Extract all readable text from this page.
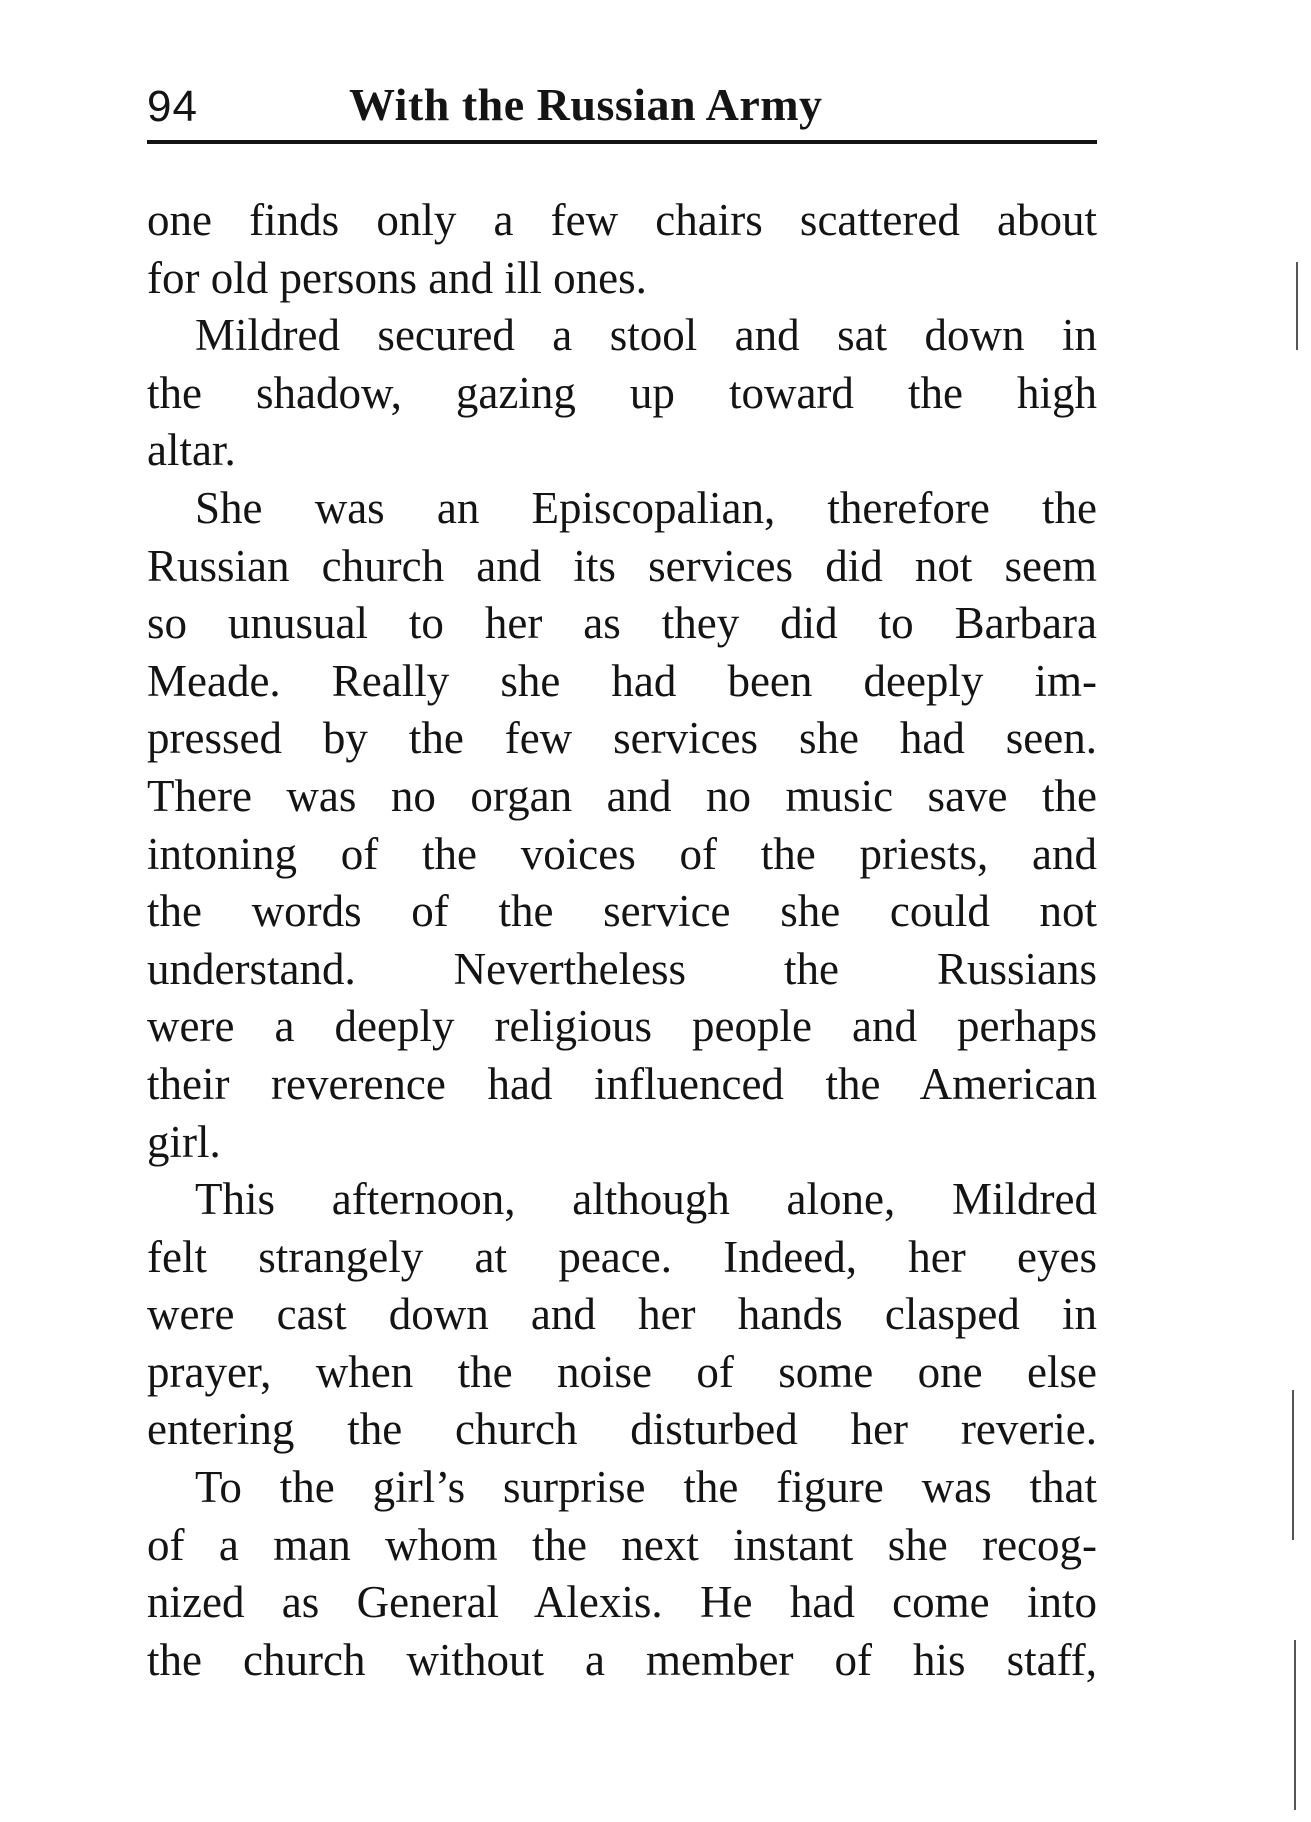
94	With the Russian Army
one finds only a few chairs scattered about
for old persons and ill ones.
Mildred secured a stool and sat down in
the shadow, gazing up toward the high
altar.
She was an Episcopalian, therefore the
Russian church and its services did not seem
so unusual to her as they did to Barbara
Meade. Really she had been deeply im-
pressed by the few services she had seen.
There was no organ and no music save the
intoning of the voices of the priests, and
the words of the service she could not
understand. Nevertheless the Russians
were a deeply religious people and perhaps
their reverence had influenced the American
girl.
This afternoon, although alone, Mildred
felt strangely at peace. Indeed, her eyes
were cast down and her hands clasped in
prayer, when the noise of some one else
entering the church disturbed her reverie.
To the girl’s surprise the figure was that
of a man whom the next instant she recog-
nized as General Alexis. He had come into
the church without a member of his staff,
